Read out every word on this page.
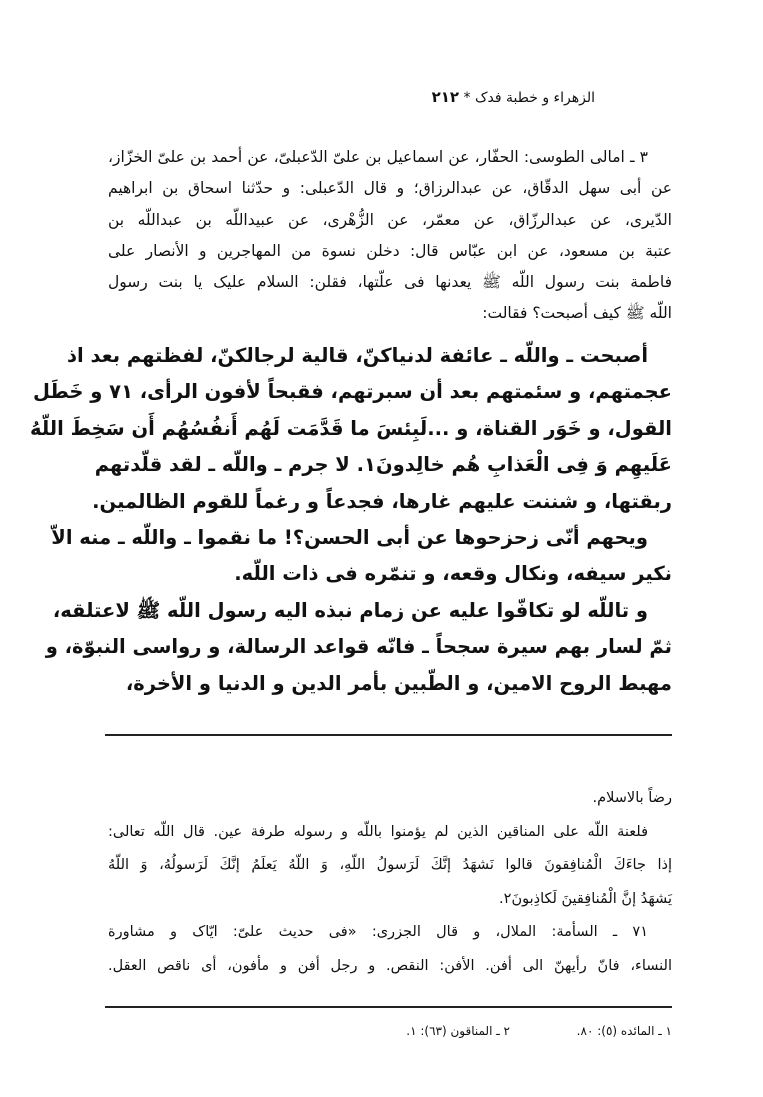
الزهراء و خطبة فدک * ٢١٢
٣ ـ امالى الطوسى: الحفّار، عن اسماعيل بن علىّ الدّعبلىّ، عن أحمد بن علىّ الخزّاز،
عن أبى سهل الدقّاق، عن عبدالرزاق؛ و قال الدّعبلى: و حدّثنا اسحاق بن ابراهيم
الدّيرى، عن عبدالرزّاق، عن معمّر، عن الزُّهْرى، عن عبيداللّه بن عبداللّه بن
عتبة بن مسعود، عن ابن عبّاس قال: دخلن نسوة من المهاجرين و الأنصار على
فاطمة بنت رسول اللّه ﷺ يعدنها فى علّتها، فقلن: السلام عليک يا بنت رسول
اللّه ﷺ كيف أصبحت؟ فقالت:
أصبحت ـ واللّه ـ عائفة لدنياكنّ، قالية لرجالكنّ، لفظتهم بعد اذ
عجمتهم، و سئمتهم بعد أن سبرتهم، فقبحاً لأفون الرأى، ٧١ و خَطَل
القول، و خَوَر القناة، و ...لَبِئسَ ما قَدَّمَت لَهُم أَنفُسُهُم أَن سَخِطَ اللّهُ
عَلَيهِم وَ فِى الْعَذابِ هُم خالِدونَ١. لا جرم ـ واللّه ـ لقد قلّدتهم
ربقتها، و شننت عليهم غارها، فجدعاً و رغماً للقوم الظالمين.
ويحهم أنّى زحزحوها عن أبى الحسن؟! ما نقموا ـ واللّه ـ منه الاّ
نكير سيفه، ونكال وقعه، و تنمّره فى ذات اللّه.
و تاللّه لو تكافّوا عليه عن زمام نبذه اليه رسول اللّه ﷺ لاعتلقه،
ثمّ لسار بهم سيرة سجحاً ـ فانّه قواعد الرسالة، و رواسى النبوّة، و
مهبط الروح الامين، و الطّبين بأمر الدين و الدنيا و الأخرة،
رضاً بالاسلام.
فلعنة اللّه على المناقين الذين لم يؤمنوا باللّه و رسوله طرفة عين. قال اللّه تعالى:
إذا جاءَكَ الْمُنافِقونَ قالوا نَشهَدُ إنَّكَ لَرَسولُ اللّهِ، وَ اللّهُ يَعلَمُ إنَّكَ لَرَسولُهُ، وَ اللّهُ
يَشهَدُ إنَّ الْمُنافِقينَ لَكاذِبونَ٢.
٧١ ـ السأمة: الملال، و قال الجزرى: «فى حديث علىّ: ايّاک و مشاورة
النساء، فانّ رأيهنّ الى أفن. الأفن: النقص. و رجل أفن و مأفون، أى ناقص العقل.
١ ـ المائده (٥): ٨٠.
٢ ـ المناقون (٦٣): ١.
